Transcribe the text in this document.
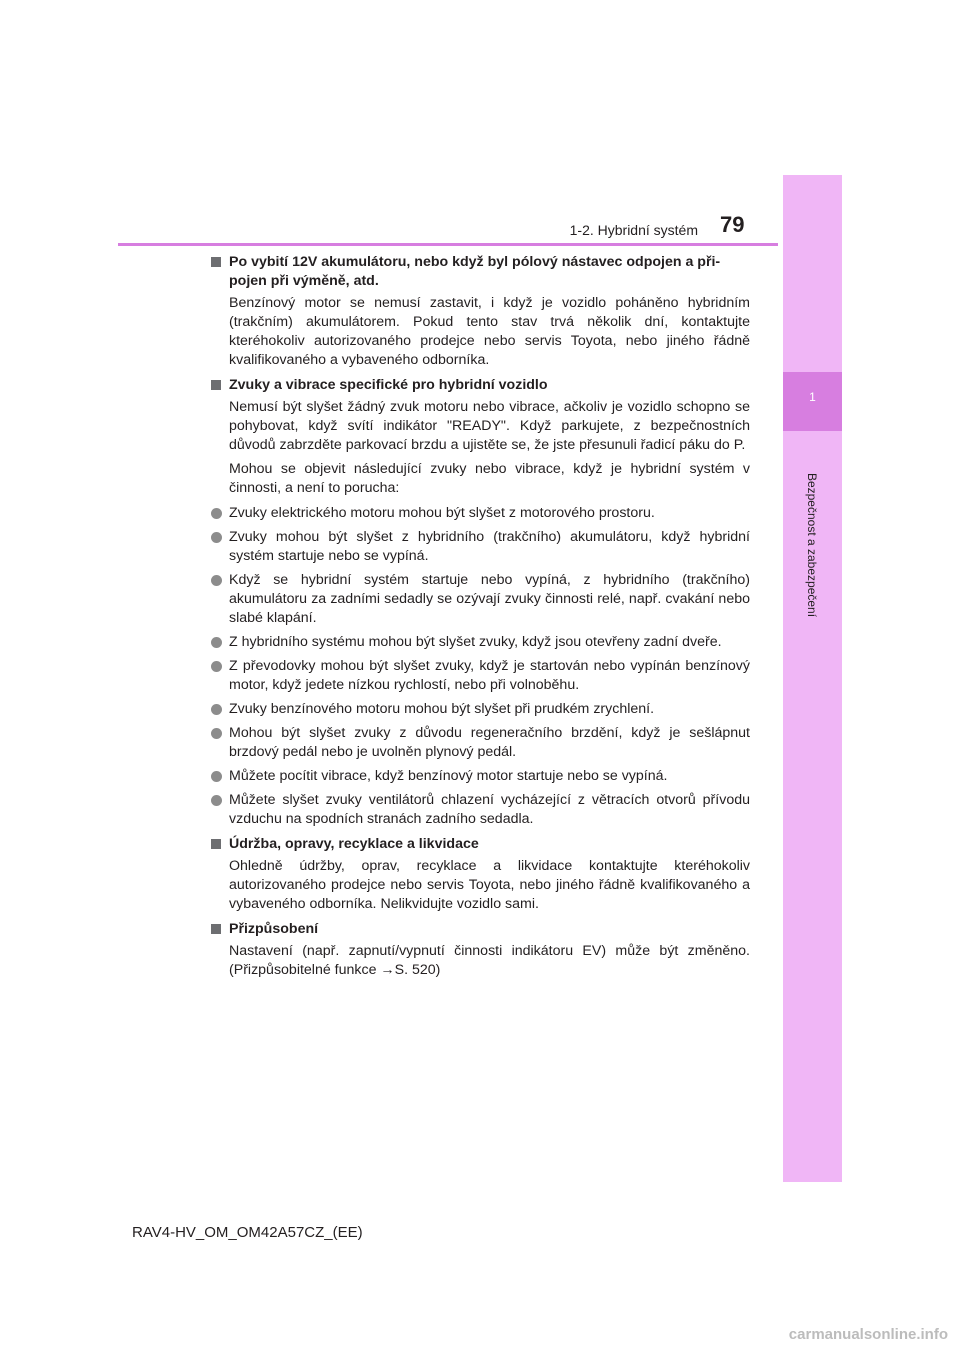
1
Bezpečnost a zabezpečení
1-2. Hybridní systém 79
Po vybití 12V akumulátoru, nebo když byl pólový nástavec odpojen a při-pojen při výměně, atd.
Benzínový motor se nemusí zastavit, i když je vozidlo poháněno hybridním (trakčním) akumulátorem. Pokud tento stav trvá několik dní, kontaktujte kteréhokoliv autorizovaného prodejce nebo servis Toyota, nebo jiného řádně kvalifikovaného a vybaveného odborníka.
Zvuky a vibrace specifické pro hybridní vozidlo
Nemusí být slyšet žádný zvuk motoru nebo vibrace, ačkoliv je vozidlo schopno se pohybovat, když svítí indikátor "READY". Když parkujete, z bezpečnostních důvodů zabrzděte parkovací brzdu a ujistěte se, že jste přesunuli řadicí páku do P.
Mohou se objevit následující zvuky nebo vibrace, když je hybridní systém v činnosti, a není to porucha:
Zvuky elektrického motoru mohou být slyšet z motorového prostoru.
Zvuky mohou být slyšet z hybridního (trakčního) akumulátoru, když hybridní systém startuje nebo se vypíná.
Když se hybridní systém startuje nebo vypíná, z hybridního (trakčního) akumulátoru za zadními sedadly se ozývají zvuky činnosti relé, např. cvakání nebo slabé klapání.
Z hybridního systému mohou být slyšet zvuky, když jsou otevřeny zadní dveře.
Z převodovky mohou být slyšet zvuky, když je startován nebo vypínán benzínový motor, když jedete nízkou rychlostí, nebo při volnoběhu.
Zvuky benzínového motoru mohou být slyšet při prudkém zrychlení.
Mohou být slyšet zvuky z důvodu regeneračního brzdění, když je sešlápnut brzdový pedál nebo je uvolněn plynový pedál.
Můžete pocítit vibrace, když benzínový motor startuje nebo se vypíná.
Můžete slyšet zvuky ventilátorů chlazení vycházející z větracích otvorů přívodu vzduchu na spodních stranách zadního sedadla.
Údržba, opravy, recyklace a likvidace
Ohledně údržby, oprav, recyklace a likvidace kontaktujte kteréhokoliv autorizovaného prodejce nebo servis Toyota, nebo jiného řádně kvalifikovaného a vybaveného odborníka. Nelikvidujte vozidlo sami.
Přizpůsobení
Nastavení (např. zapnutí/vypnutí činnosti indikátoru EV) může být změněno. (Přizpůsobitelné funkce →S. 520)
RAV4-HV_OM_OM42A57CZ_(EE)
carmanualsonline.info
